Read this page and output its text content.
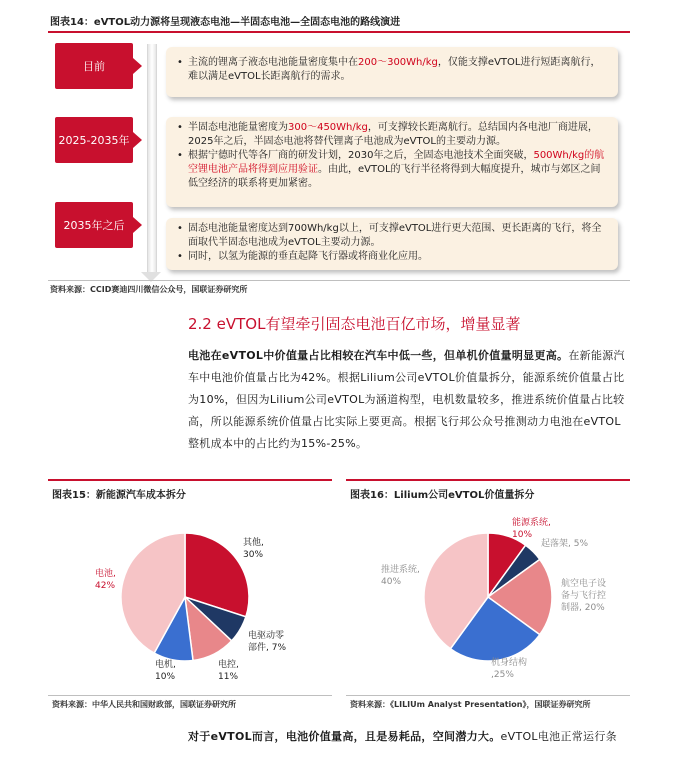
图表14：eVTOL动力源将呈现液态电池—半固态电池—全固态电池的路线演进
目前
2025-2035年
2035年之后
• 主流的锂离子液态电池能量密度集中在200～300Wh/kg，仅能支撑eVTOL进行短距离航行，难以满足eVTOL长距离航行的需求。
• 半固态电池能量密度为300～450Wh/kg，可支撑较长距离航行。总结国内各电池厂商进展，2025年之后，半固态电池将替代锂离子电池成为eVTOL的主要动力源。
• 根据宁德时代等各厂商的研发计划，2030年之后，全固态电池技术全面突破，500Wh/kg的航空锂电池产品将得到应用验证。由此，eVTOL的飞行半径将得到大幅度提升，城市与郊区之间低空经济的联系将更加紧密。
• 固态电池能量密度达到700Wh/kg以上，可支撑eVTOL进行更大范围、更长距离的飞行，将全面取代半固态电池成为eVTOL主要动力源。
• 同时，以氢为能源的垂直起降飞行器或将商业化应用。
资料来源：CCID赛迪四川微信公众号，国联证券研究所
2.2 eVTOL有望牵引固态电池百亿市场，增量显著
电池在eVTOL中价值量占比相较在汽车中低一些，但单机价值量明显更高。在新能源汽车中电池价值量占比为42%。根据Lilium公司eVTOL价值量拆分，能源系统价值量占比为10%，但因为Lilium公司eVTOL为涵道构型，电机数量较多，推进系统价值量占比较高，所以能源系统价值量占比实际上要更高。根据飞行邦公众号推测动力电池在eVTOL整机成本中的占比约为15%-25%。
图表15：新能源汽车成本拆分
其他,
30%
电驱动零
部件, 7%
电控,
11%
电机,
10%
电池,
42%
资料来源：中华人民共和国财政部，国联证券研究所
图表16：Lilium公司eVTOL价值量拆分
能源系统,
10%
起落架, 5%
航空电子设
备与飞行控
制器, 20%
机身结构
,25%
推进系统,
40%
资料来源：《LILIUm Analyst Presentation》，国联证券研究所
对于eVTOL而言，电池价值量高，且是易耗品，空间潜力大。eVTOL电池正常运行条
